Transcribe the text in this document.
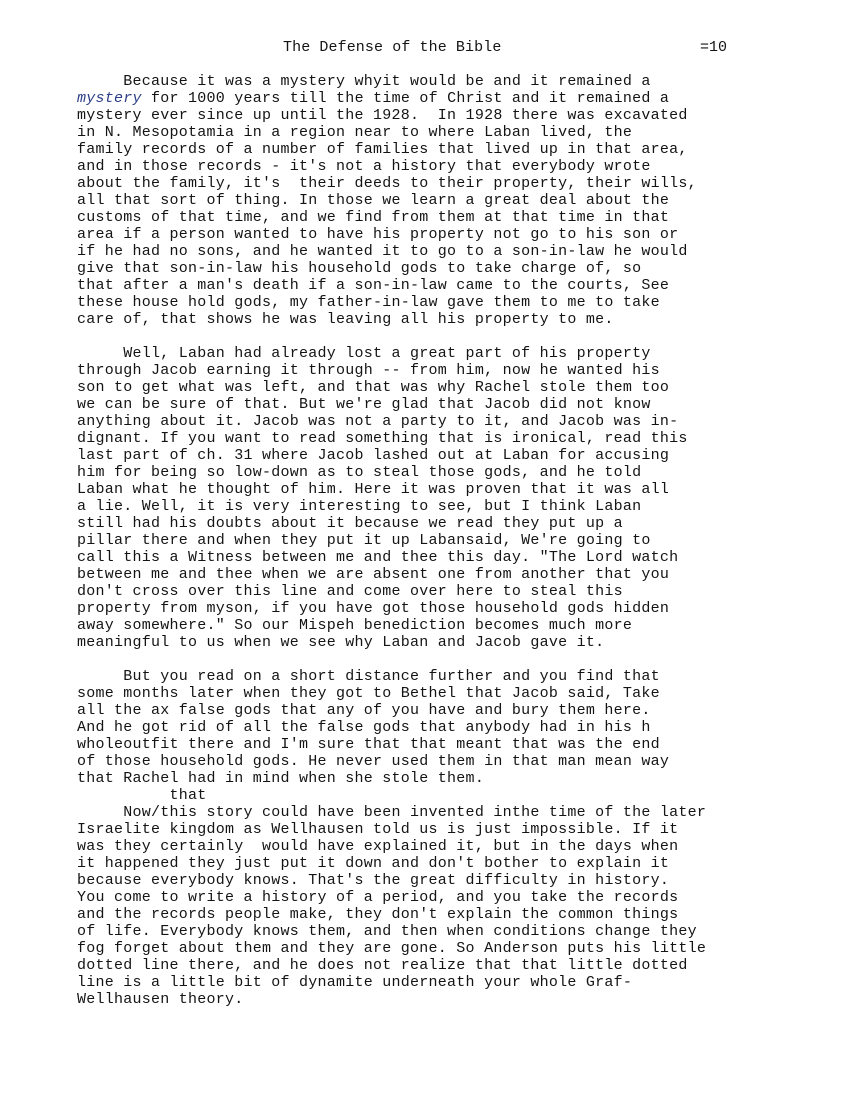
The Defense of the Bible	=10
Because it was a mystery whyit would be and it remained a
mystery for 1000 years till the time of Christ and it remained a
mystery ever since up until the 1928.  In 1928 there was excavated
in N. Mesopotamia in a region near to where Laban lived, the
family records of a number of families that lived up in that area,
and in those records - it's not a history that everybody wrote
about the family, it's  their deeds to their property, their wills,
all that sort of thing. In those we learn a great deal about the
customs of that time, and we find from them at that time in that
area if a person wanted to have his property not go to his son or
if he had no sons, and he wanted it to go to a son-in-law he would
give that son-in-law his household gods to take charge of, so
that after a man's death if a son-in-law came to the courts, See
these house hold gods, my father-in-law gave them to me to take
care of, that shows he was leaving all his property to me.
Well, Laban had already lost a great part of his property
through Jacob earning it through -- from him, now he wanted his
son to get what was left, and that was why Rachel stole them too
we can be sure of that. But we're glad that Jacob did not know
anything about it. Jacob was not a party to it, and Jacob was in-
dignant. If you want to read something that is ironical, read this
last part of ch. 31 where Jacob lashed out at Laban for accusing
him for being so low-down as to steal those gods, and he told
Laban what he thought of him. Here it was proven that it was all
a lie. Well, it is very interesting to see, but I think Laban
still had his doubts about it because we read they put up a
pillar there and when they put it up Labansaid, We're going to
call this a Witness between me and thee this day. "The Lord watch
between me and thee when we are absent one from another that you
don't cross over this line and come over here to steal this
property from myson, if you have got those household gods hidden
away somewhere." So our Mispeh benediction becomes much more
meaningful to us when we see why Laban and Jacob gave it.
But you read on a short distance further and you find that
some months later when they got to Bethel that Jacob said, Take
all the ax false gods that any of you have and bury them here.
And he got rid of all the false gods that anybody had in his h
wholeoutfit there and I'm sure that that meant that was the end
of those household gods. He never used them in that man mean way
that Rachel had in mind when she stole them.
that
Now/this story could have been invented inthe time of the later
Israelite kingdom as Wellhausen told us is just impossible. If it
was they certainly  would have explained it, but in the days when
it happened they just put it down and don't bother to explain it
because everybody knows. That's the great difficulty in history.
You come to write a history of a period, and you take the records
and the records people make, they don't explain the common things
of life. Everybody knows them, and then when conditions change they
fog forget about them and they are gone. So Anderson puts his little
dotted line there, and he does not realize that that little dotted
line is a little bit of dynamite underneath your whole Graf-
Wellhausen theory.
